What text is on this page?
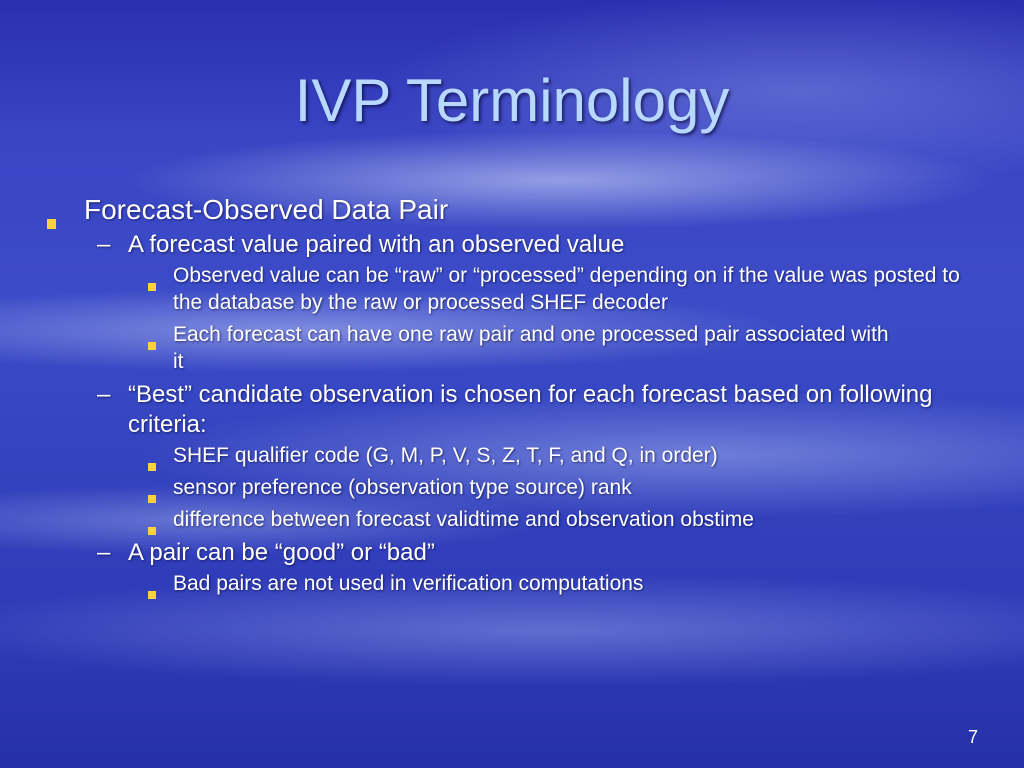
IVP Terminology
Forecast-Observed Data Pair
– A forecast value paired with an observed value
Observed value can be “raw” or “processed” depending on if the value was posted to the database by the raw or processed SHEF decoder
Each forecast can have one raw pair and one processed pair associated with it
– “Best” candidate observation is chosen for each forecast based on following criteria:
SHEF qualifier code (G, M, P, V, S, Z, T, F, and Q, in order)
sensor preference (observation type source) rank
difference between forecast validtime and observation obstime
– A pair can be “good” or “bad”
Bad pairs are not used in verification computations
7
